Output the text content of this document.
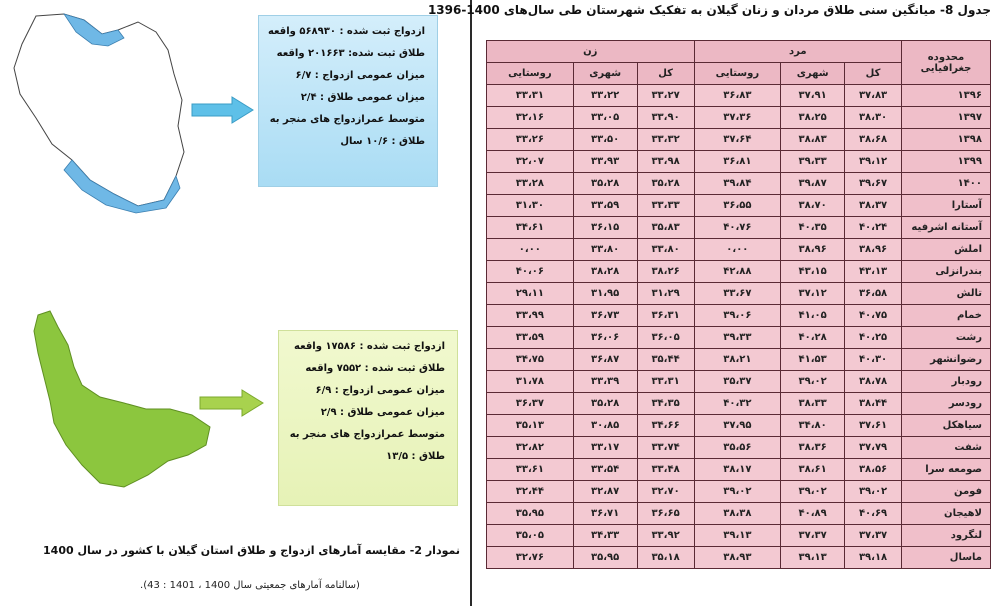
ازدواج ثبت شده : ۵۶۸۹۳۰ واقعه
طلاق ثبت شده: ۲۰۱۶۶۳ واقعه
میزان عمومی ازدواج : ۶/۷
میزان عمومی طلاق : ۲/۴
متوسط عمرازدواج های منجر به
طلاق : ۱۰/۶ سال
ازدواج ثبت شده : ۱۷۵۸۶ واقعه
طلاق ثبت شده : ۷۵۵۲ واقعه
میزان عمومی ازدواج : ۶/۹
میزان عمومی طلاق : ۲/۹
متوسط عمرازدواج های منجر به
طلاق : ۱۳/۵
نمودار 2- مقایسه آمارهای ازدواج و طلاق استان گیلان با کشور در سال 1400
(سالنامه آمارهای جمعیتی سال 1400 ، 1401 : 43).
جدول 8- میانگین سنی طلاق مردان و زنان گیلان به تفکیک شهرستان طی سال‌های 1400-1396
محدوده جغرافیایی	مرد			زن		
	کل	شهری	روستایی	کل	شهری	روستایی
۱۳۹۶	۳۷،۸۳	۳۷،۹۱	۳۶،۸۳	۳۳،۲۷	۳۳،۲۲	۳۳،۳۱
۱۳۹۷	۳۸،۳۰	۳۸،۲۵	۳۷،۳۶	۳۳،۹۰	۳۳،۰۵	۳۲،۱۶
۱۳۹۸	۳۸،۶۸	۳۸،۸۳	۳۷،۶۴	۳۳،۳۲	۳۳،۵۰	۳۳،۲۶
۱۳۹۹	۳۹،۱۲	۳۹،۳۳	۳۶،۸۱	۳۳،۹۸	۳۳،۹۳	۳۲،۰۷
۱۴۰۰	۳۹،۶۷	۳۹،۸۷	۳۹،۸۴	۳۵،۲۸	۳۵،۲۸	۳۳،۲۸
آستارا	۳۸،۳۷	۳۸،۷۰	۳۶،۵۵	۳۳،۳۳	۳۳،۵۹	۳۱،۳۰
آستانه اشرفیه	۴۰،۲۴	۴۰،۳۵	۴۰،۷۶	۳۵،۸۳	۳۶،۱۵	۳۴،۶۱
املش	۳۸،۹۶	۳۸،۹۶	۰،۰۰	۳۳،۸۰	۳۳،۸۰	۰،۰۰
بندرانزلی	۴۳،۱۳	۴۳،۱۵	۴۲،۸۸	۳۸،۲۶	۳۸،۲۸	۴۰،۰۶
تالش	۳۶،۵۸	۳۷،۱۲	۳۳،۶۷	۳۱،۲۹	۳۱،۹۵	۲۹،۱۱
خمام	۴۰،۷۵	۴۱،۰۵	۳۹،۰۶	۳۶،۳۱	۳۶،۷۳	۳۳،۹۹
رشت	۴۰،۲۵	۴۰،۲۸	۳۹،۳۳	۳۶،۰۵	۳۶،۰۶	۳۳،۵۹
رضوانشهر	۴۰،۳۰	۴۱،۵۳	۳۸،۲۱	۳۵،۴۴	۳۶،۸۷	۳۴،۷۵
رودبار	۳۸،۷۸	۳۹،۰۲	۳۵،۳۷	۳۳،۳۱	۳۳،۳۹	۳۱،۷۸
رودسر	۳۸،۴۴	۳۸،۳۳	۴۰،۳۲	۳۴،۳۵	۳۵،۲۸	۳۶،۳۷
سیاهکل	۳۷،۶۱	۳۴،۸۰	۳۷،۹۵	۳۴،۶۶	۳۰،۸۵	۳۵،۱۳
شفت	۳۷،۷۹	۳۸،۳۶	۳۵،۵۶	۳۳،۷۴	۳۳،۱۷	۳۲،۸۲
صومعه سرا	۳۸،۵۶	۳۸،۶۱	۳۸،۱۷	۳۳،۴۸	۳۳،۵۴	۳۳،۶۱
فومن	۳۹،۰۲	۳۹،۰۲	۳۹،۰۲	۳۲،۷۰	۳۲،۸۷	۳۲،۴۴
لاهیجان	۴۰،۶۹	۴۰،۸۹	۳۸،۳۸	۳۶،۶۵	۳۶،۷۱	۳۵،۹۵
لنگرود	۳۷،۳۷	۳۷،۳۷	۳۹،۱۳	۳۳،۹۲	۳۴،۳۳	۳۵،۰۵
ماسال	۳۹،۱۸	۳۹،۱۳	۳۸،۹۳	۳۵،۱۸	۳۵،۹۵	۳۲،۷۶
